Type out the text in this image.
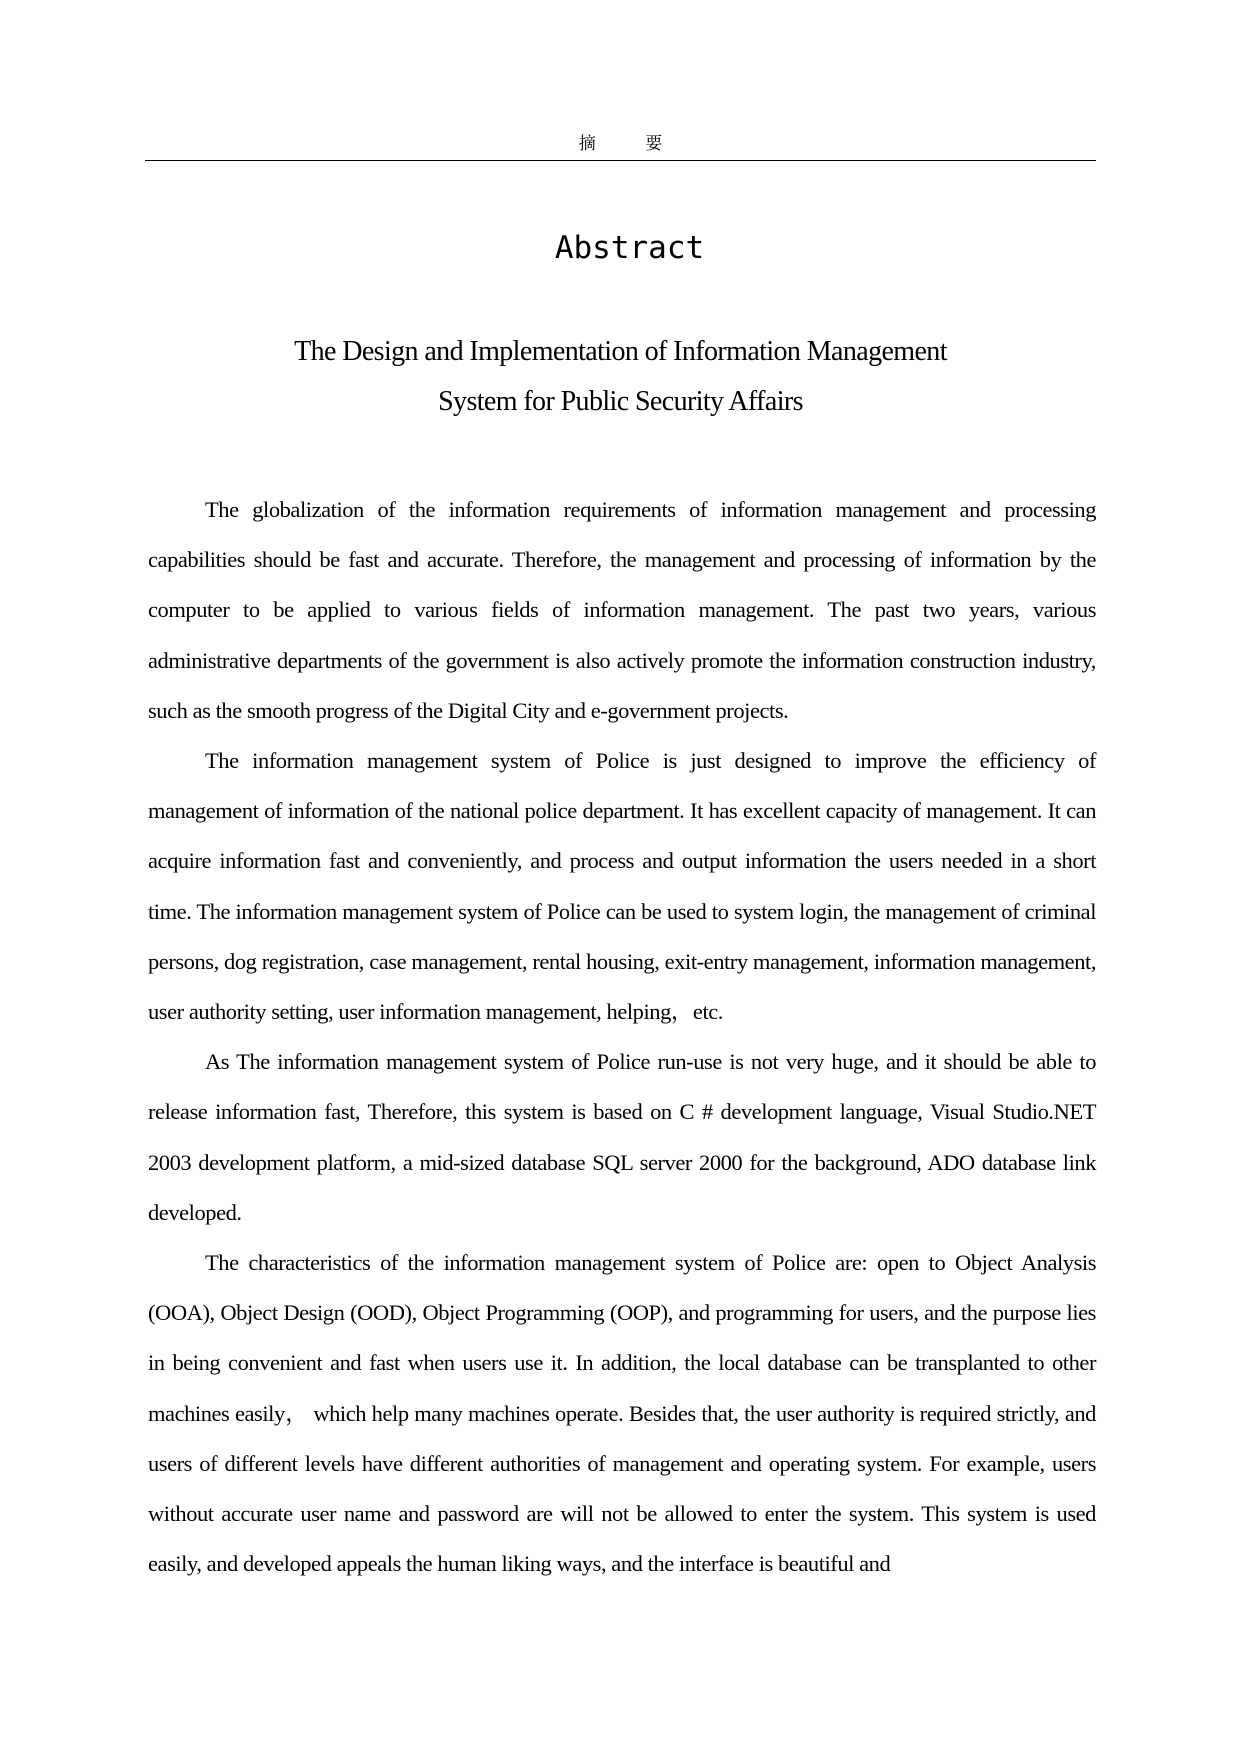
摘 要
Abstract
The Design and Implementation of Information Management
System for Public Security Affairs

The globalization of the information requirements of information management and processing capabilities should be fast and accurate. Therefore, the management and processing of information by the computer to be applied to various fields of information management. The past two years, various administrative departments of the government is also actively promote the information construction industry, such as the smooth progress of the Digital City and e-government projects.

The information management system of Police is just designed to improve the efficiency of management of information of the national police department. It has excellent capacity of management. It can acquire information fast and conveniently, and process and output information the users needed in a short time. The information management system of Police can be used to system login, the management of criminal persons, dog registration, case management, rental housing, exit-entry management, information management, user authority setting, user information management, helping，etc.

As The information management system of Police run-use is not very huge, and it should be able to release information fast, Therefore, this system is based on C # development language, Visual Studio.NET 2003 development platform, a mid-sized database SQL server 2000 for the background, ADO database link developed.

The characteristics of the information management system of Police are: open to Object Analysis (OOA), Object Design (OOD), Object Programming (OOP), and programming for users, and the purpose lies in being convenient and fast when users use it. In addition, the local database can be transplanted to other machines easily， which help many machines operate. Besides that, the user authority is required strictly, and users of different levels have different authorities of management and operating system. For example, users without accurate user name and password are will not be allowed to enter the system. This system is used easily, and developed appeals the human liking ways, and the interface is beautiful and
